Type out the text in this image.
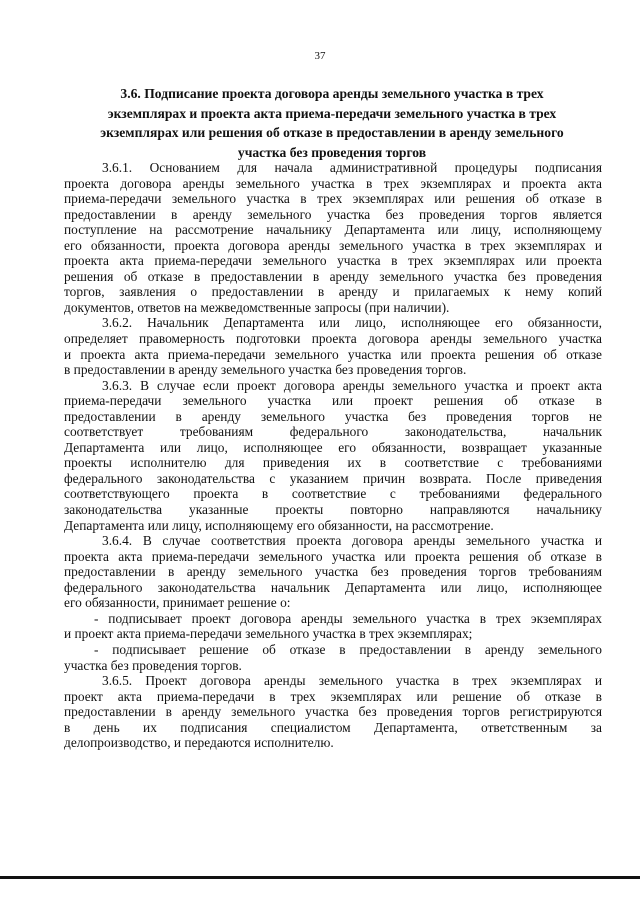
37
3.6. Подписание проекта договора аренды земельного участка в трех
экземплярах и проекта акта приема-передачи земельного участка в трех
экземплярах или решения об отказе в предоставлении в аренду земельного
участка без проведения торгов
3.6.1. Основанием для начала административной процедуры подписания
проекта договора аренды земельного участка в трех экземплярах и проекта акта
приема-передачи земельного участка в трех экземплярах или решения об отказе в
предоставлении в аренду земельного участка без проведения торгов является
поступление на рассмотрение начальнику Департамента или лицу, исполняющему
его обязанности, проекта договора аренды земельного участка в трех экземплярах и
проекта акта приема-передачи земельного участка в трех экземплярах или проекта
решения об отказе в предоставлении в аренду земельного участка без проведения
торгов, заявления о предоставлении в аренду и прилагаемых к нему копий
документов, ответов на межведомственные запросы (при наличии).
3.6.2. Начальник Департамента или лицо, исполняющее его обязанности,
определяет правомерность подготовки проекта договора аренды земельного участка
и проекта акта приема-передачи земельного участка или проекта решения об отказе
в предоставлении в аренду земельного участка без проведения торгов.
3.6.3. В случае если проект договора аренды земельного участка и проект акта
приема-передачи земельного участка или проект решения об отказе в
предоставлении в аренду земельного участка без проведения торгов не
соответствует требованиям федерального законодательства, начальник
Департамента или лицо, исполняющее его обязанности, возвращает указанные
проекты исполнителю для приведения их в соответствие с требованиями
федерального законодательства с указанием причин возврата. После приведения
соответствующего проекта в соответствие с требованиями федерального
законодательства указанные проекты повторно направляются начальнику
Департамента или лицу, исполняющему его обязанности, на рассмотрение.
3.6.4. В случае соответствия проекта договора аренды земельного участка и
проекта акта приема-передачи земельного участка или проекта решения об отказе в
предоставлении в аренду земельного участка без проведения торгов требованиям
федерального законодательства начальник Департамента или лицо, исполняющее
его обязанности, принимает решение о:
- подписывает проект договора аренды земельного участка в трех экземплярах
и проект акта приема-передачи земельного участка в трех экземплярах;
- подписывает решение об отказе в предоставлении в аренду земельного
участка без проведения торгов.
3.6.5. Проект договора аренды земельного участка в трех экземплярах и
проект акта приема-передачи в трех экземплярах или решение об отказе в
предоставлении в аренду земельного участка без проведения торгов регистрируются
в день их подписания специалистом Департамента, ответственным за
делопроизводство, и передаются исполнителю.
